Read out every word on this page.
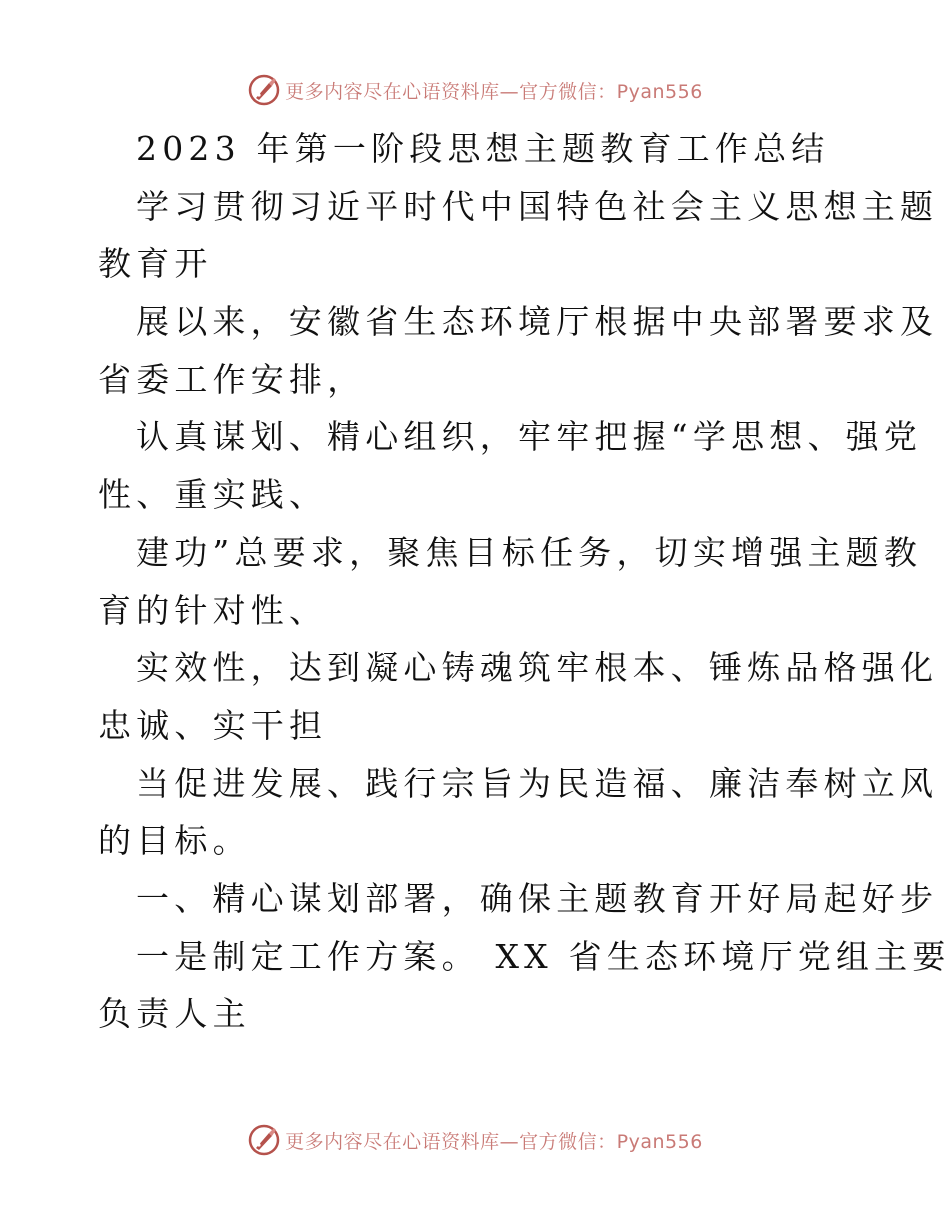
更多内容尽在心语资料库—官方微信：Pyan556
2023 年第一阶段思想主题教育工作总结
学习贯彻习近平时代中国特色社会主义思想主题
教育开
展以来，安徽省生态环境厅根据中央部署要求及
省委工作安排，
认真谋划、精心组织，牢牢把握“学思想、强党
性、重实践、
建功”总要求，聚焦目标任务，切实增强主题教
育的针对性、
实效性，达到凝心铸魂筑牢根本、锤炼品格强化
忠诚、实干担
当促进发展、践行宗旨为民造福、廉洁奉树立风
的目标。
一、精心谋划部署，确保主题教育开好局起好步
一是制定工作方案。 XX 省生态环境厅党组主要
负责人主
更多内容尽在心语资料库—官方微信：Pyan556
